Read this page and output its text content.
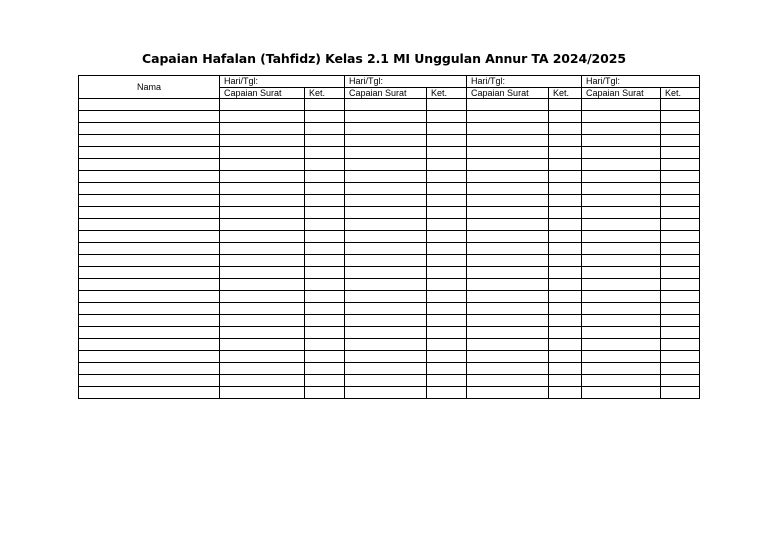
Capaian Hafalan (Tahfidz) Kelas 2.1 MI Unggulan Annur TA 2024/2025
Nama	Hari/Tgl:		Hari/Tgl:		Hari/Tgl:		Hari/Tgl:	
	Capaian Surat	Ket.	Capaian Surat	Ket.	Capaian Surat	Ket.	Capaian Surat	Ket.
